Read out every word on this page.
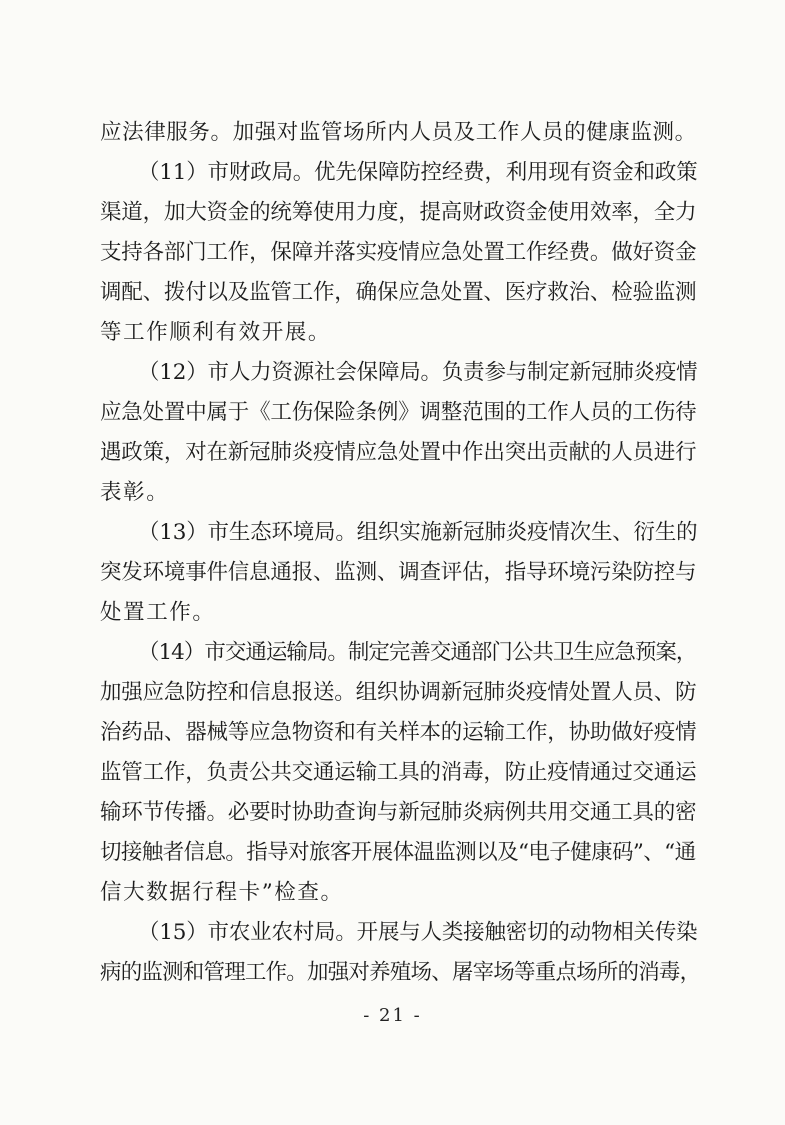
应法律服务。加强对监管场所内人员及工作人员的健康监测。
（11）市财政局。优先保障防控经费，利用现有资金和政策
渠道，加大资金的统筹使用力度，提高财政资金使用效率，全力
支持各部门工作，保障并落实疫情应急处置工作经费。做好资金
调配、拨付以及监管工作，确保应急处置、医疗救治、检验监测
等工作顺利有效开展。
（12）市人力资源社会保障局。负责参与制定新冠肺炎疫情
应急处置中属于《工伤保险条例》调整范围的工作人员的工伤待
遇政策，对在新冠肺炎疫情应急处置中作出突出贡献的人员进行
表彰。
（13）市生态环境局。组织实施新冠肺炎疫情次生、衍生的
突发环境事件信息通报、监测、调查评估，指导环境污染防控与
处置工作。
（14）市交通运输局。制定完善交通部门公共卫生应急预案，
加强应急防控和信息报送。组织协调新冠肺炎疫情处置人员、防
治药品、器械等应急物资和有关样本的运输工作，协助做好疫情
监管工作，负责公共交通运输工具的消毒，防止疫情通过交通运
输环节传播。必要时协助查询与新冠肺炎病例共用交通工具的密
切接触者信息。指导对旅客开展体温监测以及“电子健康码”、“通
信大数据行程卡”检查。
（15）市农业农村局。开展与人类接触密切的动物相关传染
病的监测和管理工作。加强对养殖场、屠宰场等重点场所的消毒，
- 21 -
